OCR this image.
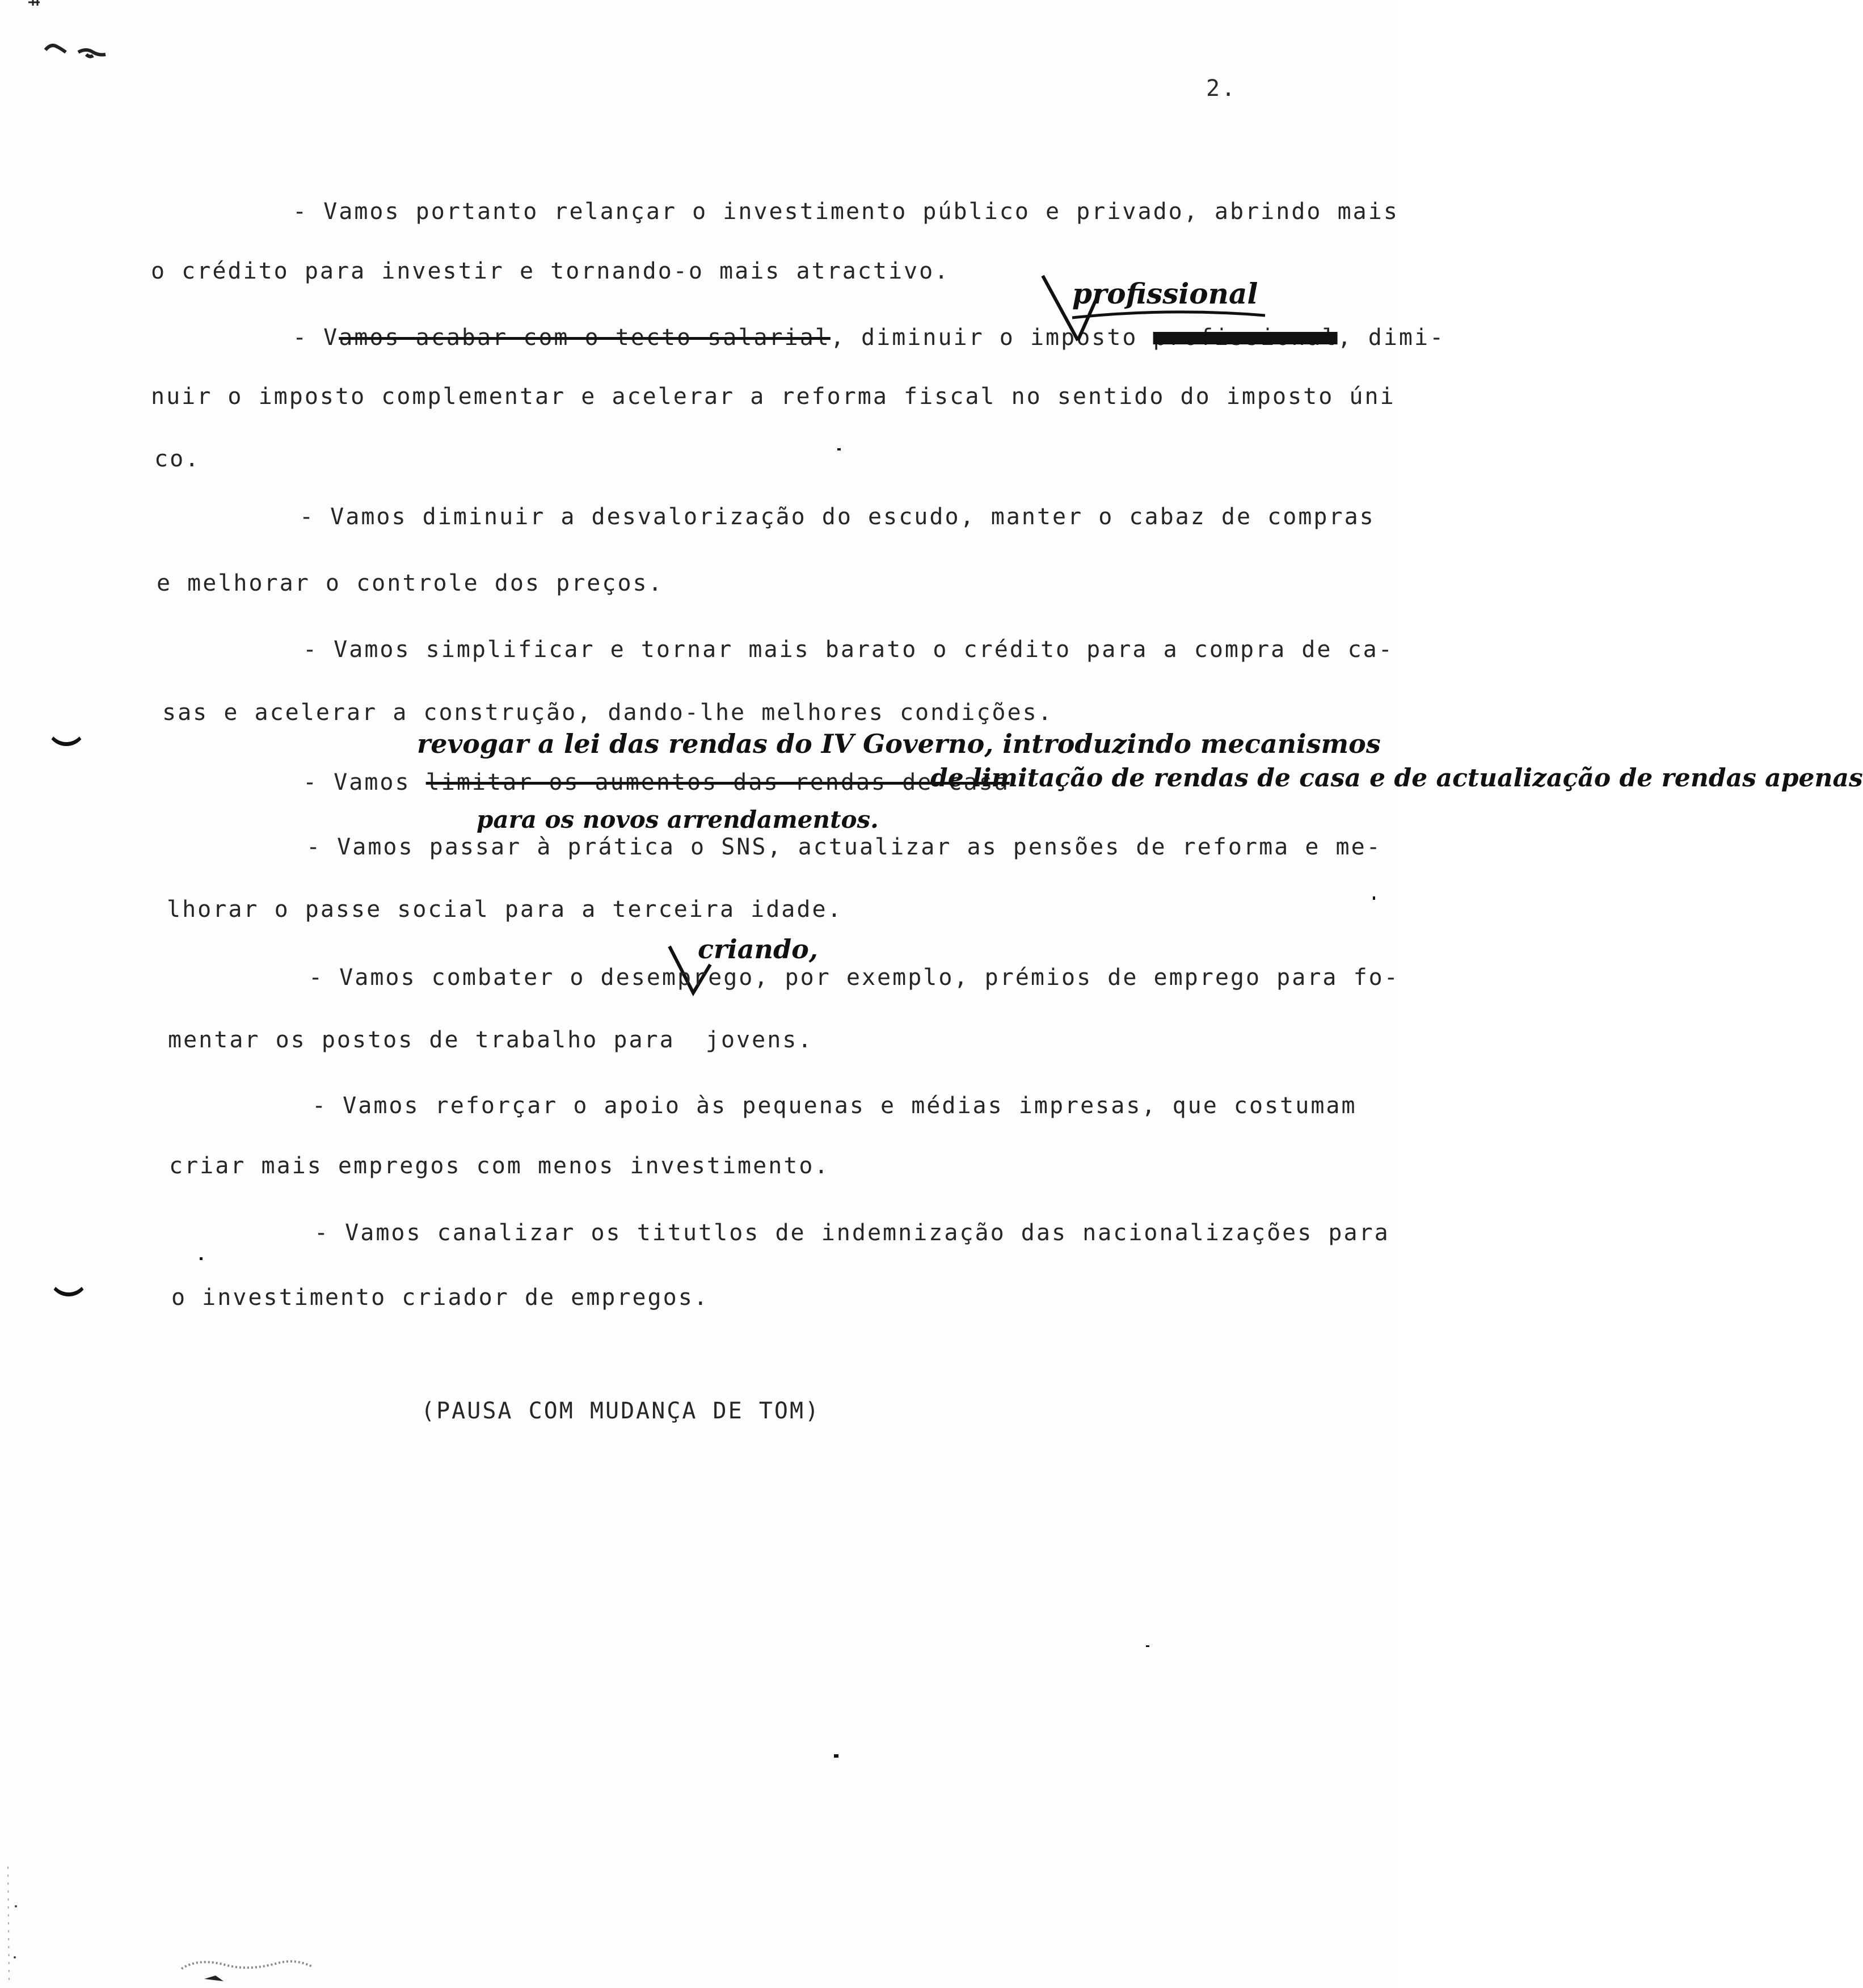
2.
- Vamos portanto relançar o investimento público e privado, abrindo mais
o crédito para investir e tornando-o mais atractivo.
- Vamos acabar com o tecto salarial, diminuir o imposto profissional, dimi-
nuir o imposto complementar e acelerar a reforma fiscal no sentido do imposto úni
co.
profissional
- Vamos diminuir a desvalorização do escudo, manter o cabaz de compras
e melhorar o controle dos preços.
- Vamos simplificar e tornar mais barato o crédito para a compra de ca-
sas e acelerar a construção, dando-lhe melhores condições.
revogar a lei das rendas do IV Governo, introduzindo mecanismos
- Vamos limitar os aumentos das rendas de casa
de limitação de rendas de casa e de actualização de rendas apenas
para os novos arrendamentos.
- Vamos passar à prática o SNS, actualizar as pensões de reforma e me-
lhorar o passe social para a terceira idade.
criando,
- Vamos combater o desemprego, por exemplo, prémios de emprego para fo-
mentar os postos de trabalho para  jovens.
- Vamos reforçar o apoio às pequenas e médias impresas, que costumam
criar mais empregos com menos investimento.
- Vamos canalizar os titutlos de indemnização das nacionalizações para
o investimento criador de empregos.
(PAUSA COM MUDANÇA DE TOM)
